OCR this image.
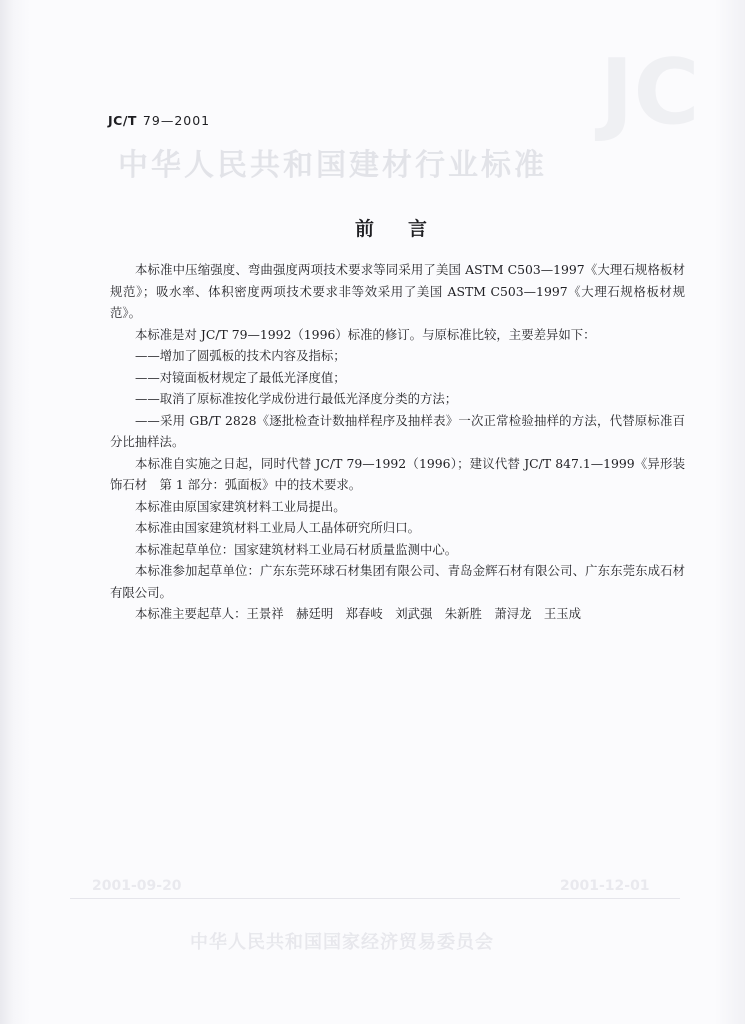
JC
中华人民共和国建材行业标准
2001-09-20	2001-12-01
中华人民共和国国家经济贸易委员会
JC/T 79—2001
前言

本标准中压缩强度、弯曲强度两项技术要求等同采用了美国 ASTM C503—1997《大理石规格板材规范》；吸水率、体积密度两项技术要求非等效采用了美国 ASTM C503—1997《大理石规格板材规范》。

本标准是对 JC/T 79—1992（1996）标准的修订。与原标准比较，主要差异如下：

——增加了圆弧板的技术内容及指标；

——对镜面板材规定了最低光泽度值；

——取消了原标准按化学成份进行最低光泽度分类的方法；

——采用 GB/T 2828《逐批检查计数抽样程序及抽样表》一次正常检验抽样的方法，代替原标准百分比抽样法。

本标准自实施之日起，同时代替 JC/T 79—1992（1996）；建议代替 JC/T 847.1—1999《异形装饰石材　第 1 部分：弧面板》中的技术要求。

本标准由原国家建筑材料工业局提出。

本标准由国家建筑材料工业局人工晶体研究所归口。

本标准起草单位：国家建筑材料工业局石材质量监测中心。

本标准参加起草单位：广东东莞环球石材集团有限公司、青岛金辉石材有限公司、广东东莞东成石材有限公司。

本标准主要起草人：王景祥　赫廷明　郑春岐　刘武强　朱新胜　萧浔龙　王玉成
